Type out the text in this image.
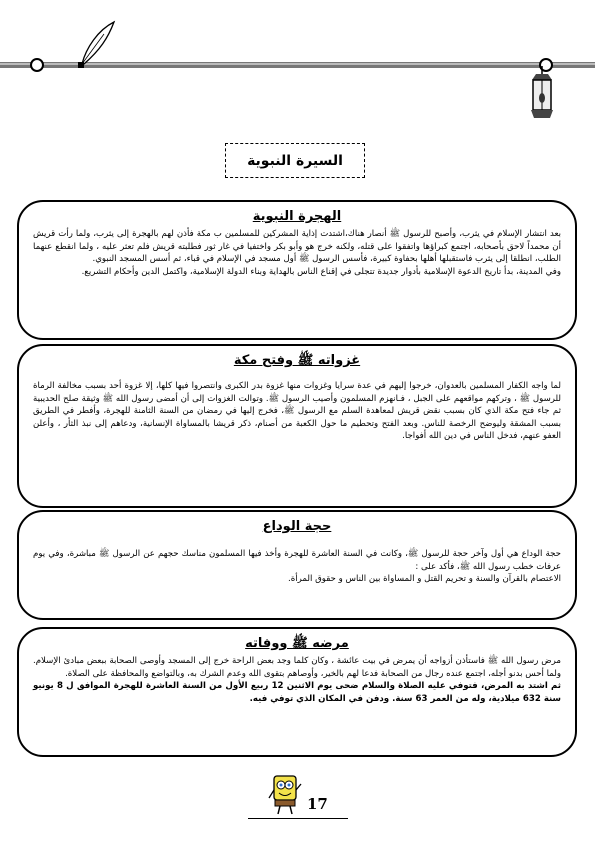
السيرة النبوية
الهجرة النبوية

بعد انتشار الإسلام في يثرب، وأصبح للرسول ﷺ أنصار هناك،اشتدت إذاية المشركين للمسلمين ب مكة فأذن لهم بالهجرة إلى يثرب، ولما رأت قريش أن محمداً لاحق بأصحابه، اجتمع كبراؤها واتفقوا على قتله، ولكنه خرج هو وأبو بكر واختفيا في غار ثور فطلبته قريش فلم تعثر عليه ، ولما انقطع عنهما الطلب، انطلقا إلى يثرب فاستقبلها أهلها بحفاوة كبيرة، فأسس الرسول ﷺ أول مسجد في الإسلام في قباء، ثم أسس المسجد النبوي.

وفي المدينة، بدأ تاريخ الدعوة الإسلامية بأدوار جديدة تتجلى في إقناع الناس بالهداية وبناء الدولة الإسلامية، واكتمل الدين وأحكام التشريع.

غزواته ﷺ وفتح مكة

لما واجه الكفار المسلمين بالعدوان، خرجوا إليهم في عدة سرايا وغزوات منها غزوة بدر الكبرى وانتصروا فيها كلها، إلا غزوة أحد بسبب مخالفة الرماة للرسول ﷺ ، وتركهم مواقعهم على الجبل ، فـانهزم المسلمون وأصيب الرسول ﷺ. وتوالت الغزوات إلى أن أمضى رسول الله ﷺ وثيقة صلح الحديبية ثم جاء فتح مكة الذي كان بسبب نقض قريش لمعاهدة السلم مع الرسول ﷺ، فخرج إليها في رمضان من السنة الثامنة للهجرة، وأفطر في الطريق بسبب المشقة وليوضح الرخصة للناس. وبعد الفتح وتحطيم ما حول الكعبة من أصنام، ذكر قريشا بالمساواة الإنسانية، ودعاهم إلى نبذ الثأر ، وأعلن العفو عنهم، فدخل الناس في دين الله أفواجا.

حجة الوداع

حجة الوداع هي أول وآخر حجة للرسول ﷺ، وكانت في السنة العاشرة للهجرة وأخذ فيها المسلمون مناسك حجهم عن الرسول ﷺ مباشرة، وفي يوم عرفات خطب رسول الله ﷺ، فأكد على :

الاعتصام بالقرآن والسنة و تحريم القتل و المساواة بين الناس و حقوق المرأة.

مرضه ﷺ ووفاته

مرض رسول الله ﷺ فاستأذن أزواجه أن يمرض في بيت عائشة ، وكان كلما وجد بعض الراحة خرج إلى المسجد وأوصى الصحابة ببعض مبادئ الإسلام. ولما أحس بدنو أجله، اجتمع عنده رجال من الصحابة فدعا لهم بالخير، وأوصاهم بتقوى الله وعدم الشرك به، وبالتواضع والمحافظة على الصلاة.

ثم اشتد به المرض، فتوفي عليه الصلاة والسلام ضحى يوم الاثنين 12 ربيع الأول من السنة العاشرة للهجرة الموافق ل 8 يونيو سنة 632 ميلادية، وله من العمر 63 سنة. ودفن في المكان الذي توفي فيه.

17
